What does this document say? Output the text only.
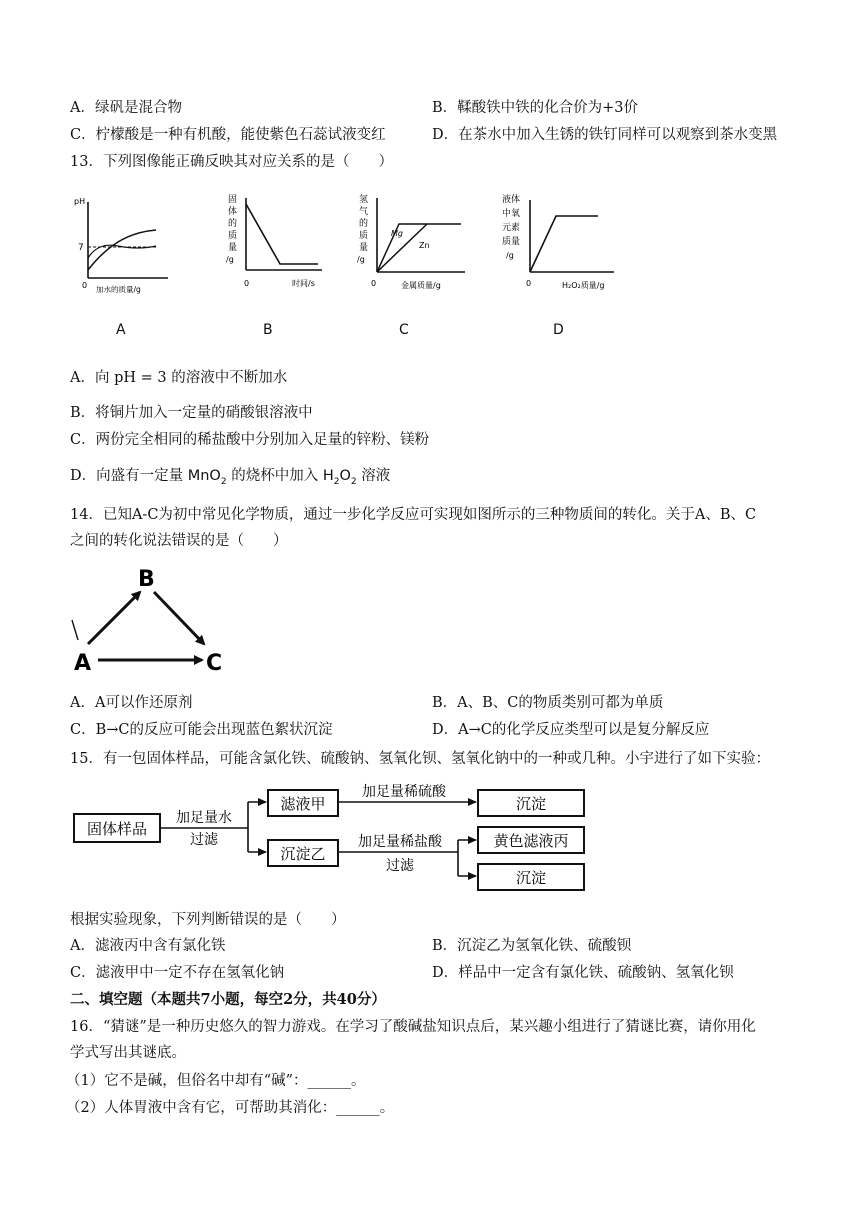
A．绿矾是混合物	B．鞣酸铁中铁的化合价为+3价
C．柠檬酸是一种有机酸，能使紫色石蕊试液变红	D．在茶水中加入生锈的铁钉同样可以观察到茶水变黑
13．下列图像能正确反映其对应关系的是（　　）
pH
7
0 加水的质量/g
A
固
体
的
质
量
/g
0	时间/s
B
氢
气
的
质
量
/g
Mg
Zn
0	金属质量/g
C
液体
中氧
元素
质量
/g
0	H₂O₂质量/g
D
A．向 pH = 3 的溶液中不断加水
B．将铜片加入一定量的硝酸银溶液中
C．两份完全相同的稀盐酸中分别加入足量的锌粉、镁粉
D．向盛有一定量 MnO$_2$ 的烧杯中加入 $H_2O_2$ 溶液
14．已知A-C为初中常见化学物质，通过一步化学反应可实现如图所示的三种物质间的转化。关于A、B、C
之间的转化说法错误的是（　　）
B
A	C
A．A可以作还原剂	B．A、B、C的物质类别可都为单质
C．B→C的反应可能会出现蓝色絮状沉淀	D．A→C的化学反应类型可以是复分解反应
15．有一包固体样品，可能含氯化铁、硫酸钠、氢氧化钡、氢氧化钠中的一种或几种。小宇进行了如下实验：
固体样品
加足量水
过滤
滤液甲
沉淀乙
加足量稀硫酸
加足量稀盐酸
过滤
沉淀
黄色滤液丙
沉淀
根据实验现象，下列判断错误的是（　　）
A．滤液丙中含有氯化铁	B．沉淀乙为氢氧化铁、硫酸钡
C．滤液甲中一定不存在氢氧化钠	D．样品中一定含有氯化铁、硫酸钠、氢氧化钡
二、填空题（本题共7小题，每空2分，共40分）
16．“猜谜”是一种历史悠久的智力游戏。在学习了酸碱盐知识点后，某兴趣小组进行了猜谜比赛，请你用化
学式写出其谜底。
（1）它不是碱，但俗名中却有“碱”：______。
（2）人体胃液中含有它，可帮助其消化：______。
